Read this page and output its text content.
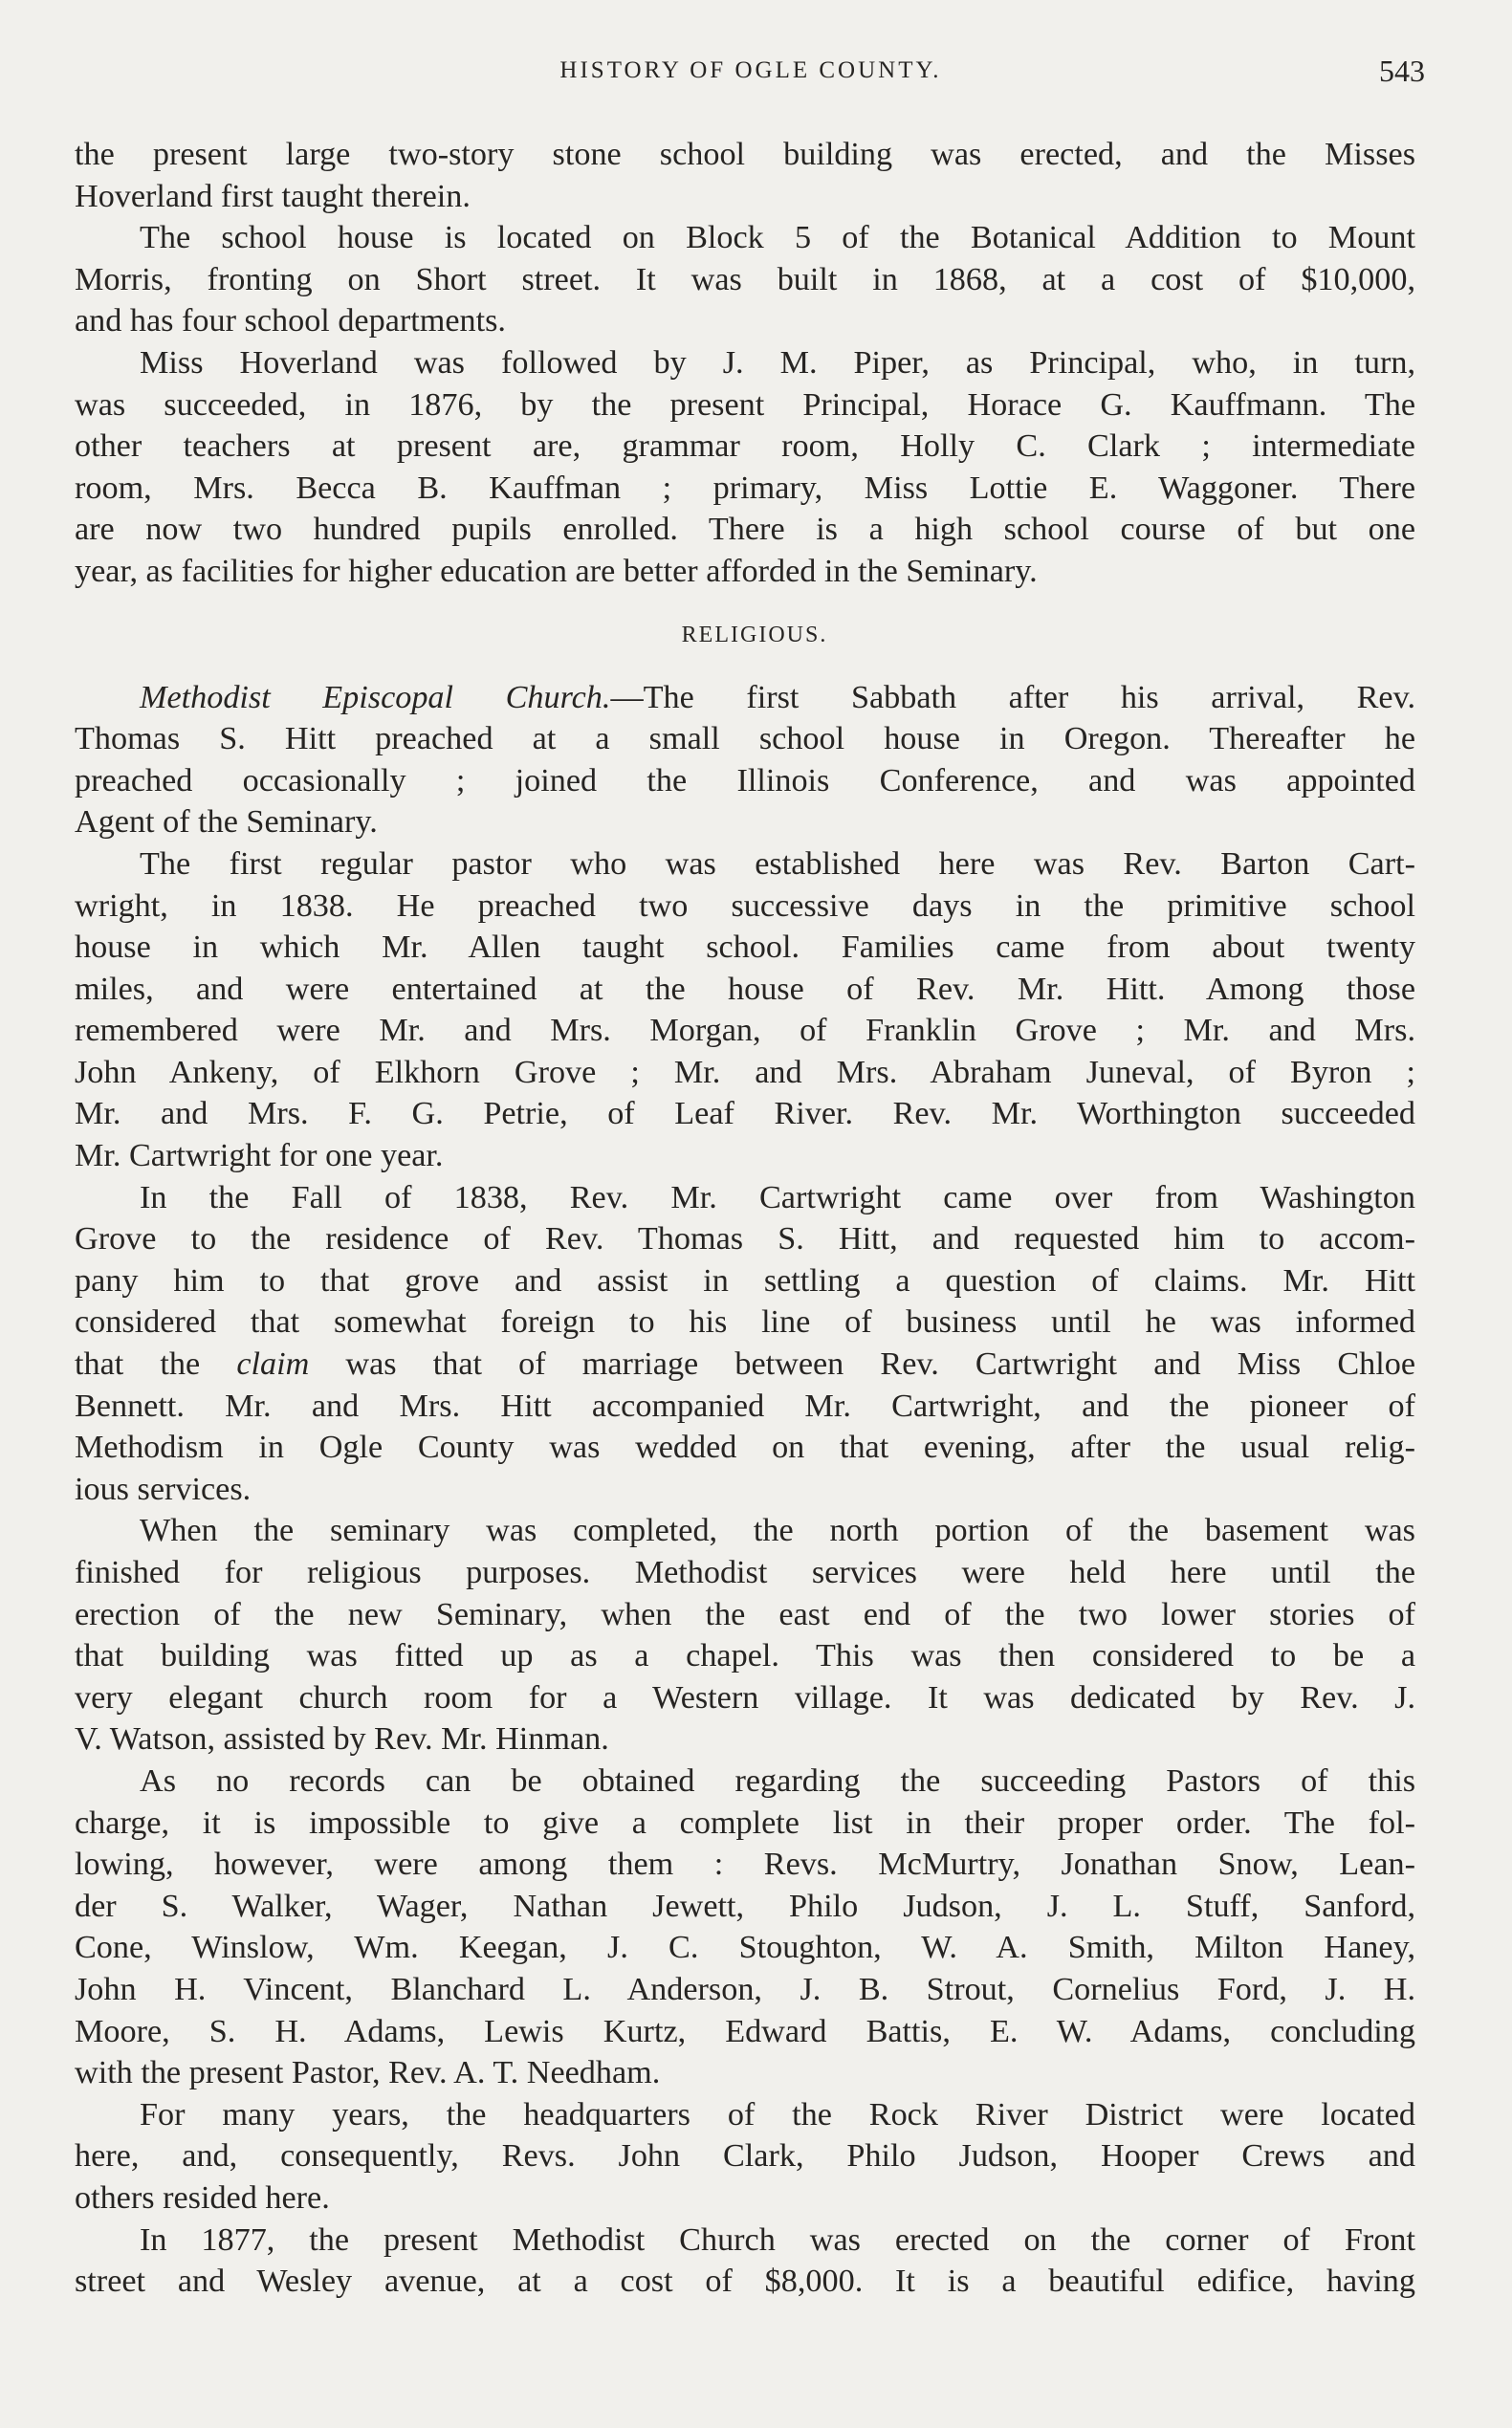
HISTORY OF OGLE COUNTY.	543
the present large two-story stone school building was erected, and the Misses
Hoverland first taught therein.
The school house is located on Block 5 of the Botanical Addition to Mount
Morris, fronting on Short street. It was built in 1868, at a cost of $10,000,
and has four school departments.
Miss Hoverland was followed by J. M. Piper, as Principal, who, in turn,
was succeeded, in 1876, by the present Principal, Horace G. Kauffmann. The
other teachers at present are, grammar room, Holly C. Clark ; intermediate
room, Mrs. Becca B. Kauffman ; primary, Miss Lottie E. Waggoner. There
are now two hundred pupils enrolled. There is a high school course of but one
year, as facilities for higher education are better afforded in the Seminary.
RELIGIOUS.
Methodist Episcopal Church.—The first Sabbath after his arrival, Rev.
Thomas S. Hitt preached at a small school house in Oregon. Thereafter he
preached occasionally ; joined the Illinois Conference, and was appointed
Agent of the Seminary.
The first regular pastor who was established here was Rev. Barton Cart-
wright, in 1838. He preached two successive days in the primitive school
house in which Mr. Allen taught school. Families came from about twenty
miles, and were entertained at the house of Rev. Mr. Hitt. Among those
remembered were Mr. and Mrs. Morgan, of Franklin Grove ; Mr. and Mrs.
John Ankeny, of Elkhorn Grove ; Mr. and Mrs. Abraham Juneval, of Byron ;
Mr. and Mrs. F. G. Petrie, of Leaf River. Rev. Mr. Worthington succeeded
Mr. Cartwright for one year.
In the Fall of 1838, Rev. Mr. Cartwright came over from Washington
Grove to the residence of Rev. Thomas S. Hitt, and requested him to accom-
pany him to that grove and assist in settling a question of claims. Mr. Hitt
considered that somewhat foreign to his line of business until he was informed
that the claim was that of marriage between Rev. Cartwright and Miss Chloe
Bennett. Mr. and Mrs. Hitt accompanied Mr. Cartwright, and the pioneer of
Methodism in Ogle County was wedded on that evening, after the usual relig-
ious services.
When the seminary was completed, the north portion of the basement was
finished for religious purposes. Methodist services were held here until the
erection of the new Seminary, when the east end of the two lower stories of
that building was fitted up as a chapel. This was then considered to be a
very elegant church room for a Western village. It was dedicated by Rev. J.
V. Watson, assisted by Rev. Mr. Hinman.
As no records can be obtained regarding the succeeding Pastors of this
charge, it is impossible to give a complete list in their proper order. The fol-
lowing, however, were among them : Revs. McMurtry, Jonathan Snow, Lean-
der S. Walker, Wager, Nathan Jewett, Philo Judson, J. L. Stuff, Sanford,
Cone, Winslow, Wm. Keegan, J. C. Stoughton, W. A. Smith, Milton Haney,
John H. Vincent, Blanchard L. Anderson, J. B. Strout, Cornelius Ford, J. H.
Moore, S. H. Adams, Lewis Kurtz, Edward Battis, E. W. Adams, concluding
with the present Pastor, Rev. A. T. Needham.
For many years, the headquarters of the Rock River District were located
here, and, consequently, Revs. John Clark, Philo Judson, Hooper Crews and
others resided here.
In 1877, the present Methodist Church was erected on the corner of Front
street and Wesley avenue, at a cost of $8,000. It is a beautiful edifice, having
